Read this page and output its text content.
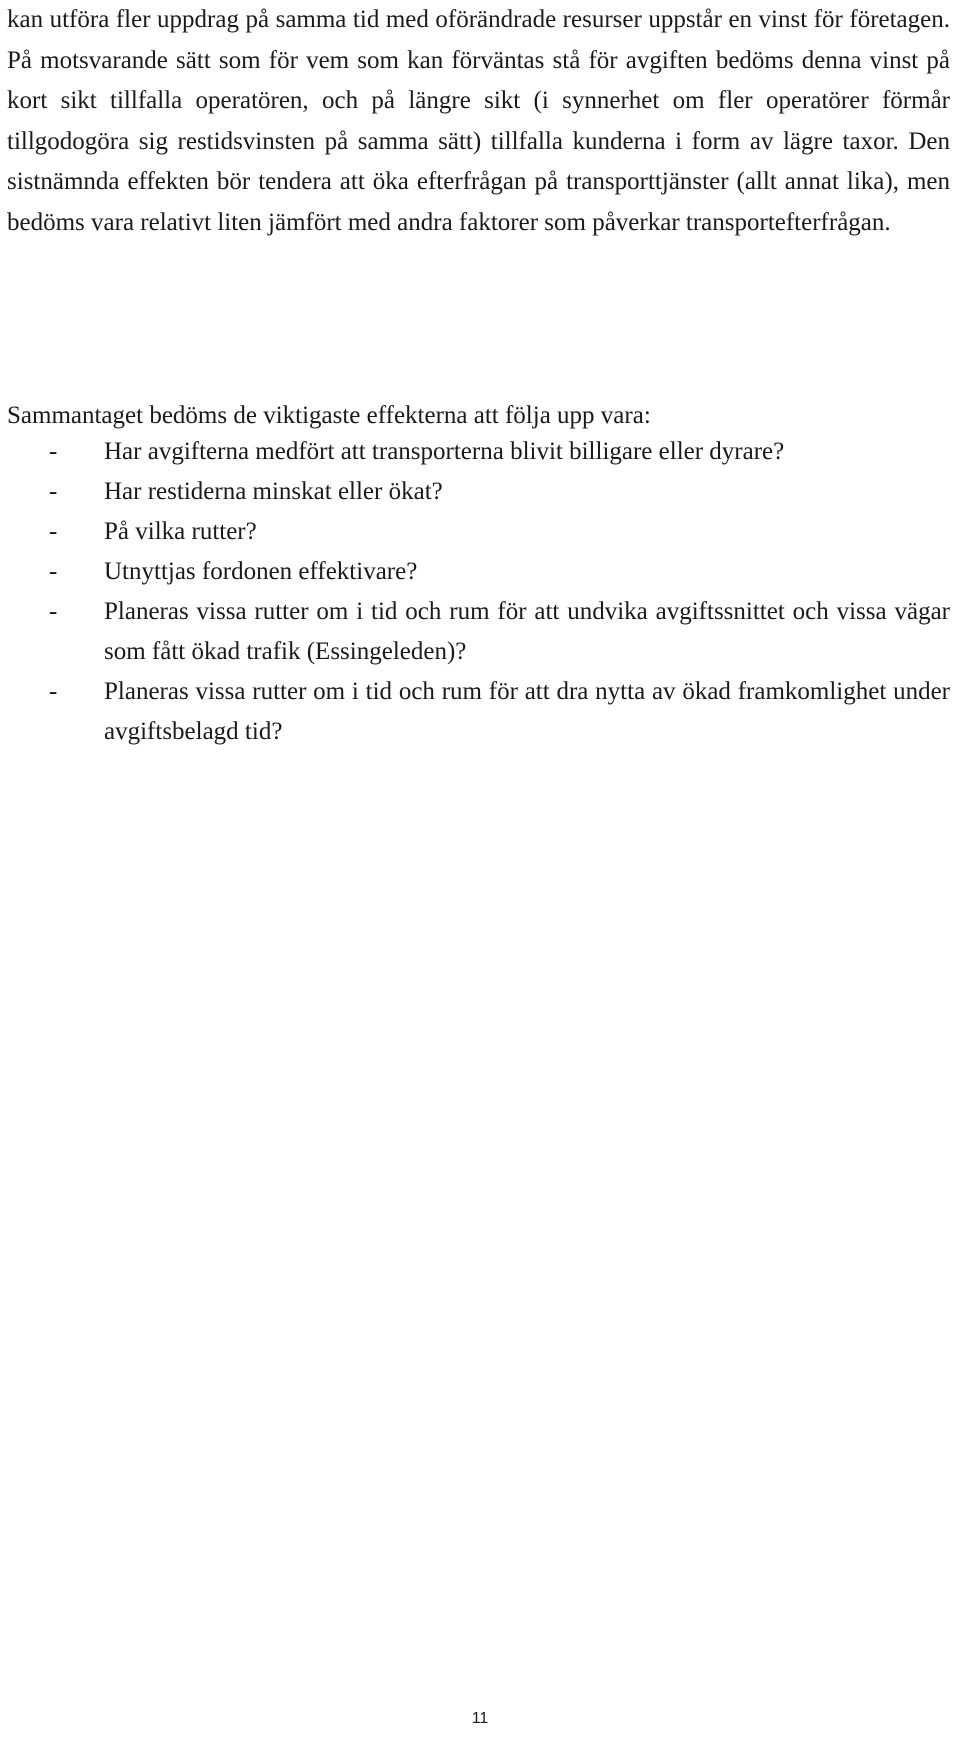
kan utföra fler uppdrag på samma tid med oförändrade resurser uppstår en vinst för företagen. På motsvarande sätt som för vem som kan förväntas stå för avgiften bedöms denna vinst på kort sikt tillfalla operatören, och på längre sikt (i synnerhet om fler operatörer förmår tillgodogöra sig restidsvinsten på samma sätt) tillfalla kunderna i form av lägre taxor. Den sistnämnda effekten bör tendera att öka efterfrågan på transporttjänster (allt annat lika), men bedöms vara relativt liten jämfört med andra faktorer som påverkar transportefterfrågan.

Sammantaget bedöms de viktigaste effekterna att följa upp vara:

- Har avgifterna medfört att transporterna blivit billigare eller dyrare?
- Har restiderna minskat eller ökat?
- På vilka rutter?
- Utnyttjas fordonen effektivare?
- Planeras vissa rutter om i tid och rum för att undvika avgiftssnittet och vissa vägar som fått ökad trafik (Essingeleden)?
- Planeras vissa rutter om i tid och rum för att dra nytta av ökad framkomlighet under avgiftsbelagd tid?
11
